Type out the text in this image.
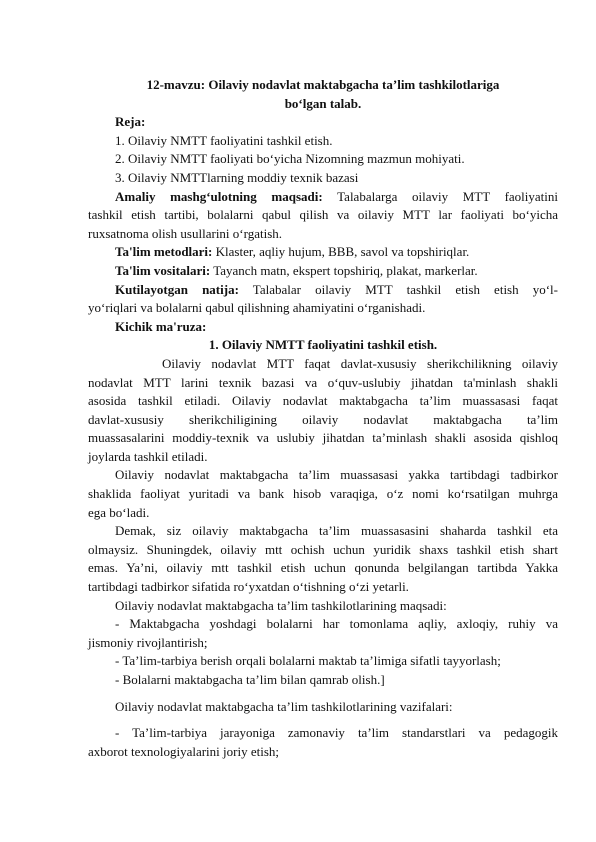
12-mavzu: Oilaviy nodavlat maktabgacha ta’lim tashkilotlariga
bo‘lgan talab.
Reja:
1. Oilaviy NMTT faoliyatini tashkil etish.
2. Oilaviy NMTT faoliyati bo‘yicha Nizomning mazmun mohiyati.
3. Oilaviy NMTTlarning moddiy texnik bazasi
Amaliy mashg‘ulotning maqsadi: Talabalarga oilaviy MTT faoliyatini
tashkil etish tartibi, bolalarni qabul qilish va oilaviy MTT lar faoliyati bo‘yicha
ruxsatnoma olish usullarini o‘rgatish.
Ta'lim metodlari: Klaster, aqliy hujum, BBB, savol va topshiriqlar.
Ta'lim vositalari: Tayanch matn, ekspert topshiriq, plakat, markerlar.
Kutilayotgan natija: Talabalar oilaviy MTT tashkil etish etish yo‘l-
yo‘riqlari va bolalarni qabul qilishning ahamiyatini o‘rganishadi.
Kichik ma'ruza:
1. Oilaviy NMTT faoliyatini tashkil etish.
Oilaviy nodavlat MTT faqat davlat-xususiy sherikchilikning oilaviy
nodavlat MTT larini texnik bazasi va o‘quv-uslubiy jihatdan ta'minlash shakli
asosida tashkil etiladi. Oilaviy nodavlat maktabgacha ta’lim muassasasi faqat
davlat-xususiy sherikchiligining oilaviy nodavlat maktabgacha ta’lim
muassasalarini moddiy-texnik va uslubiy jihatdan ta’minlash shakli asosida qishloq
joylarda tashkil etiladi.
Oilaviy nodavlat maktabgacha ta’lim muassasasi yakka tartibdagi tadbirkor
shaklida faoliyat yuritadi va bank hisob varaqiga, o‘z nomi ko‘rsatilgan muhrga
ega bo‘ladi.
Demak, siz oilaviy maktabgacha ta’lim muassasasini shaharda tashkil eta
olmaysiz. Shuningdek, oilaviy mtt ochish uchun yuridik shaxs tashkil etish shart
emas. Ya’ni, oilaviy mtt tashkil etish uchun qonunda belgilangan tartibda Yakka
tartibdagi tadbirkor sifatida ro‘yxatdan o‘tishning o‘zi yetarli.
Oilaviy nodavlat maktabgacha ta’lim tashkilotlarining maqsadi:
- Maktabgacha yoshdagi bolalarni har tomonlama aqliy, axloqiy, ruhiy va
jismoniy rivojlantirish;
- Ta’lim-tarbiya berish orqali bolalarni maktab ta’limiga sifatli tayyorlash;
- Bolalarni maktabgacha ta’lim bilan qamrab olish.]
Oilaviy nodavlat maktabgacha ta’lim tashkilotlarining vazifalari:
- Ta’lim-tarbiya jarayoniga zamonaviy ta’lim standarstlari va pedagogik
axborot texnologiyalarini joriy etish;
